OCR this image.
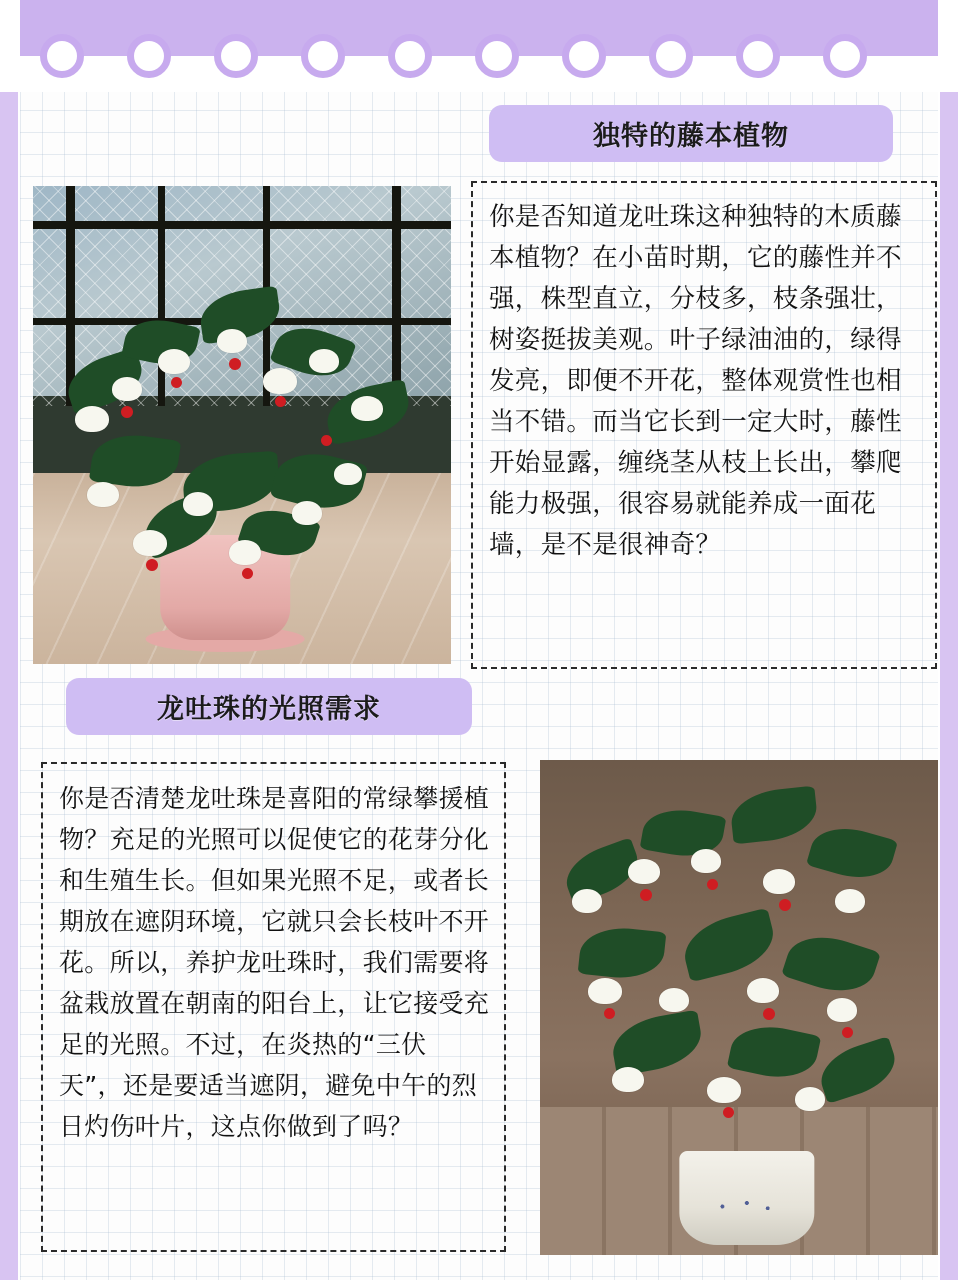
独特的藤本植物
你是否知道龙吐珠这种独特的木质藤本植物？在小苗时期，它的藤性并不强，株型直立，分枝多，枝条强壮，树姿挺拔美观。叶子绿油油的，绿得发亮，即便不开花，整体观赏性也相当不错。而当它长到一定大时，藤性开始显露，缠绕茎从枝上长出，攀爬能力极强，很容易就能养成一面花墙，是不是很神奇？
龙吐珠的光照需求
你是否清楚龙吐珠是喜阳的常绿攀援植物？充足的光照可以促使它的花芽分化和生殖生长。但如果光照不足，或者长期放在遮阴环境，它就只会长枝叶不开花。所以，养护龙吐珠时，我们需要将盆栽放置在朝南的阳台上，让它接受充足的光照。不过，在炎热的“三伏天”，还是要适当遮阴，避免中午的烈日灼伤叶片，这点你做到了吗？
